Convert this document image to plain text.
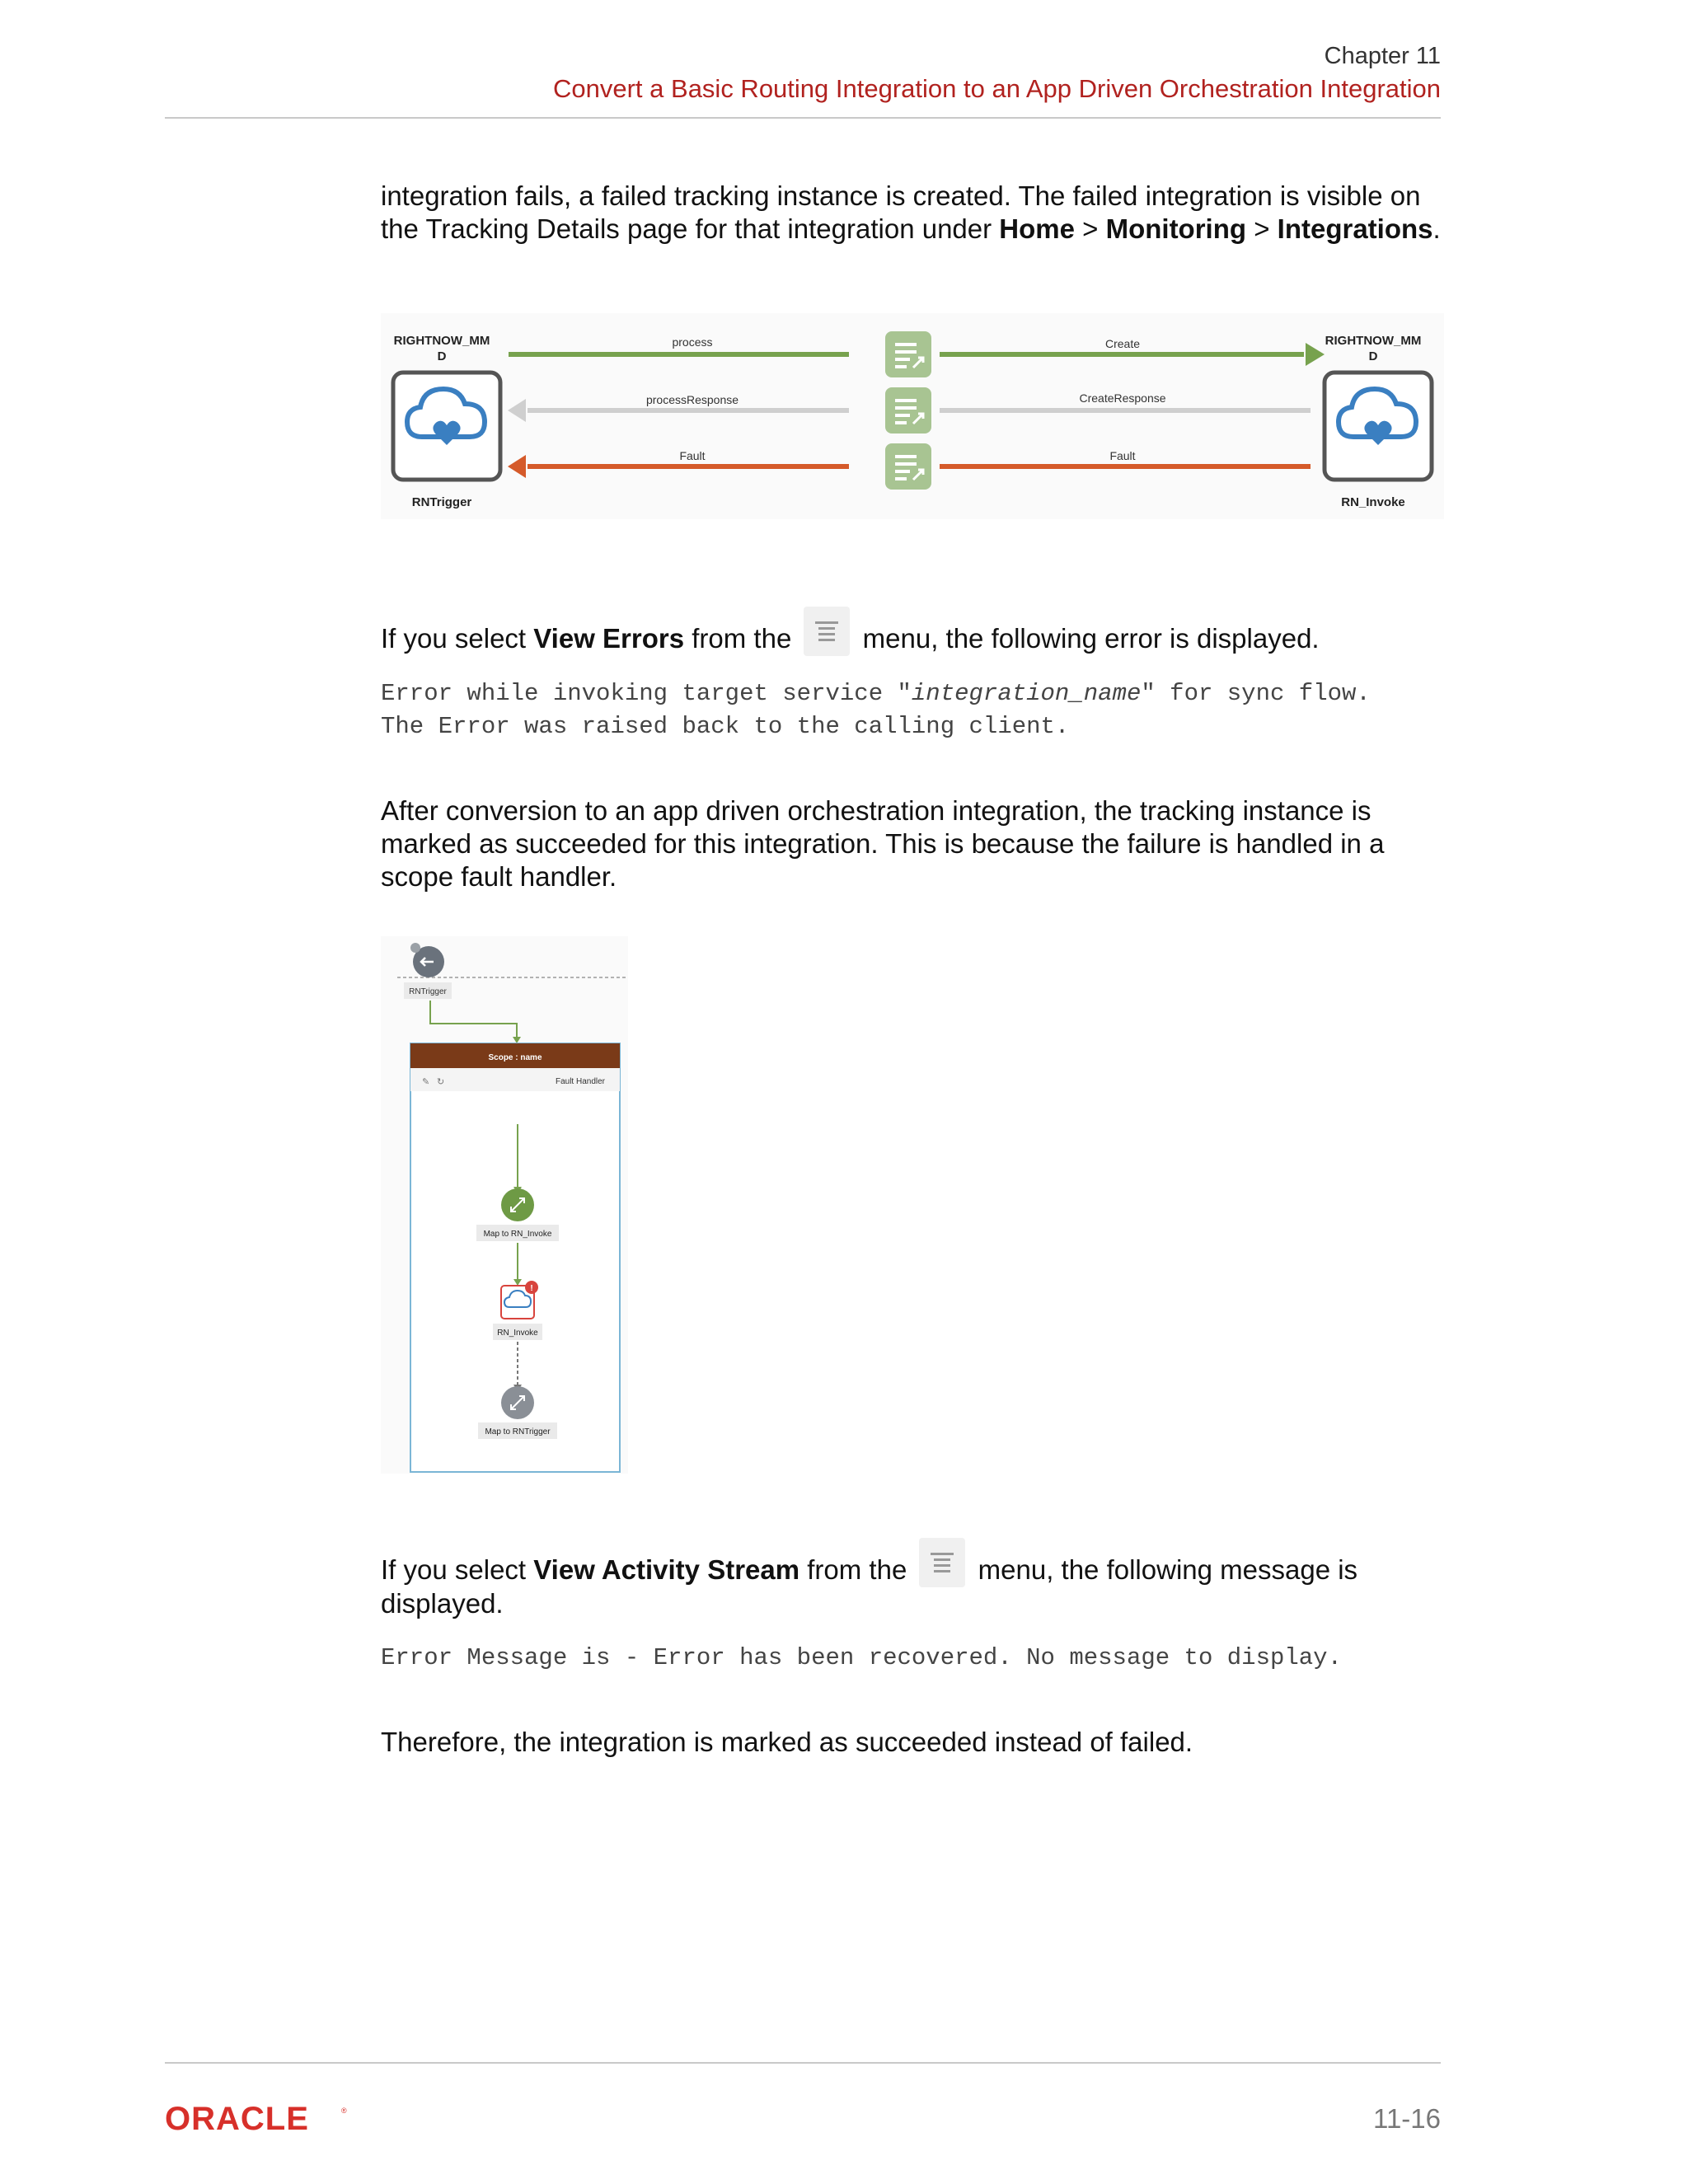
Chapter 11
Convert a Basic Routing Integration to an App Driven Orchestration Integration
integration fails, a failed tracking instance is created. The failed integration is visible on the Tracking Details page for that integration under Home > Monitoring > Integrations.
RIGHTNOW_MM
D
RIGHTNOW_MM
D
RNTrigger	RN_Invoke
process	Create
processResponse	CreateResponse
Fault	Fault
If you select View Errors from the
menu, the following error is displayed.
Error while invoking target service "integration_name" for sync flow.
The Error was raised back to the calling client.
After conversion to an app driven orchestration integration, the tracking instance is marked as succeeded for this integration. This is because the failure is handled in a scope fault handler.
RNTrigger
Scope : name
✎ ↻	Fault Handler
Map to RN_Invoke
!
RN_Invoke
Map to RNTrigger
If you select View Activity Stream from the
menu, the following message is displayed.
Error Message is - Error has been recovered. No message to display.
Therefore, the integration is marked as succeeded instead of failed.
ORACLE	®	11-16
